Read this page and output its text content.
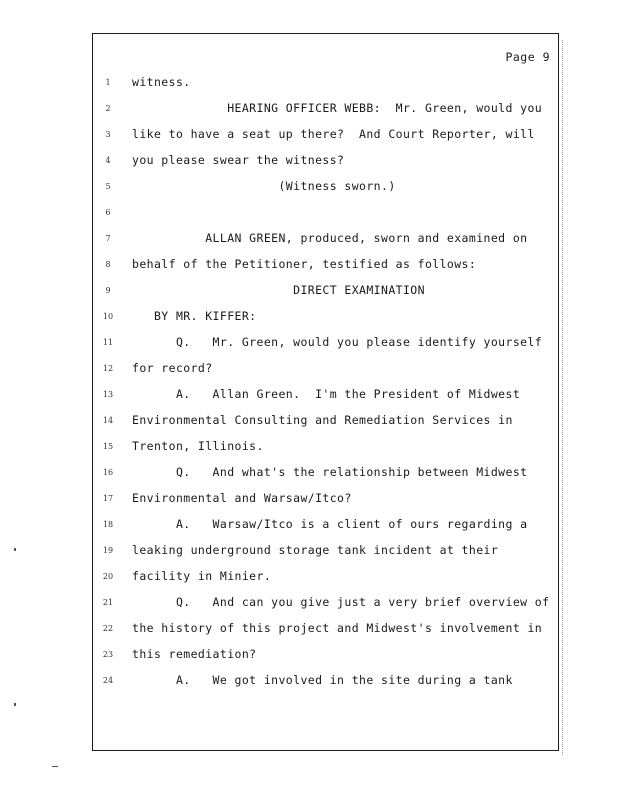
Page 9
1	witness.
2	HEARING OFFICER WEBB:  Mr. Green, would you
3	like to have a seat up there?  And Court Reporter, will
4	you please swear the witness?
5	(Witness sworn.)
6
7	ALLAN GREEN, produced, sworn and examined on
8	behalf of the Petitioner, testified as follows:
9	DIRECT EXAMINATION
10	BY MR. KIFFER:
11	Q.   Mr. Green, would you please identify yourself
12	for record?
13	A.   Allan Green.  I'm the President of Midwest
14	Environmental Consulting and Remediation Services in
15	Trenton, Illinois.
16	Q.   And what's the relationship between Midwest
17	Environmental and Warsaw/Itco?
18	A.   Warsaw/Itco is a client of ours regarding a
19	leaking underground storage tank incident at their
20	facility in Minier.
21	Q.   And can you give just a very brief overview of
22	the history of this project and Midwest's involvement in
23	this remediation?
24	A.   We got involved in the site during a tank
